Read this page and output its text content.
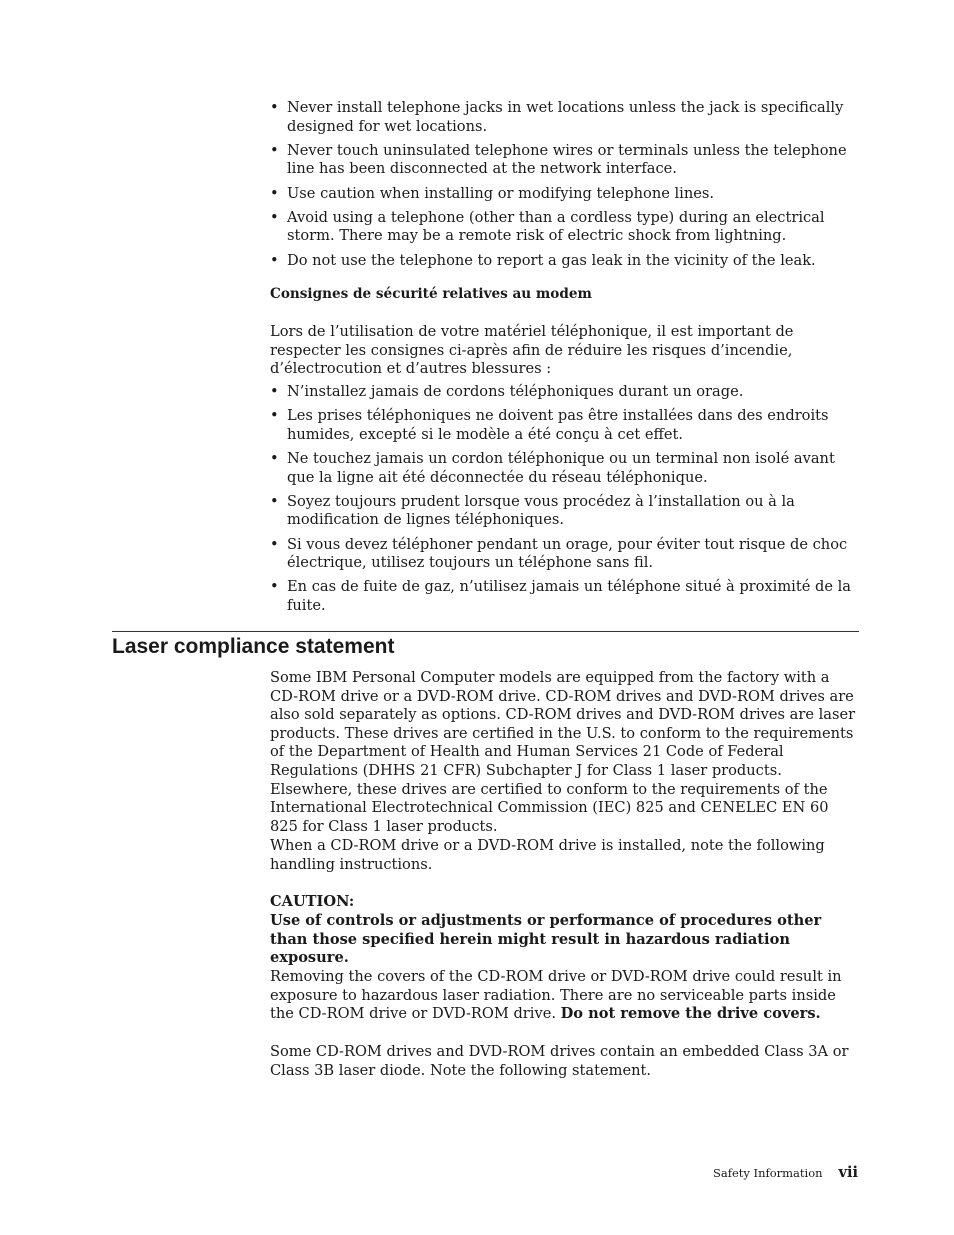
• Never install telephone jacks in wet locations unless the jack is specifically designed for wet locations.
• Never touch uninsulated telephone wires or terminals unless the telephone line has been disconnected at the network interface.
• Use caution when installing or modifying telephone lines.
• Avoid using a telephone (other than a cordless type) during an electrical storm. There may be a remote risk of electric shock from lightning.
• Do not use the telephone to report a gas leak in the vicinity of the leak.

Consignes de sécurité relatives au modem

Lors de l’utilisation de votre matériel téléphonique, il est important de respecter les consignes ci-après afin de réduire les risques d’incendie, d’électrocution et d’autres blessures :

• N’installez jamais de cordons téléphoniques durant un orage.
• Les prises téléphoniques ne doivent pas être installées dans des endroits humides, excepté si le modèle a été conçu à cet effet.
• Ne touchez jamais un cordon téléphonique ou un terminal non isolé avant que la ligne ait été déconnectée du réseau téléphonique.
• Soyez toujours prudent lorsque vous procédez à l’installation ou à la modification de lignes téléphoniques.
• Si vous devez téléphoner pendant un orage, pour éviter tout risque de choc électrique, utilisez toujours un téléphone sans fil.
• En cas de fuite de gaz, n’utilisez jamais un téléphone situé à proximité de la fuite.
Laser compliance statement

Some IBM Personal Computer models are equipped from the factory with a CD-ROM drive or a DVD-ROM drive. CD-ROM drives and DVD-ROM drives are also sold separately as options. CD-ROM drives and DVD-ROM drives are laser products. These drives are certified in the U.S. to conform to the requirements of the Department of Health and Human Services 21 Code of Federal Regulations (DHHS 21 CFR) Subchapter J for Class 1 laser products. Elsewhere, these drives are certified to conform to the requirements of the International Electrotechnical Commission (IEC) 825 and CENELEC EN 60 825 for Class 1 laser products.

When a CD-ROM drive or a DVD-ROM drive is installed, note the following handling instructions.

CAUTION:

Use of controls or adjustments or performance of procedures other than those specified herein might result in hazardous radiation exposure.

Removing the covers of the CD-ROM drive or DVD-ROM drive could result in exposure to hazardous laser radiation. There are no serviceable parts inside the CD-ROM drive or DVD-ROM drive. Do not remove the drive covers.

Some CD-ROM drives and DVD-ROM drives contain an embedded Class 3A or Class 3B laser diode. Note the following statement.

Safety Information vii
